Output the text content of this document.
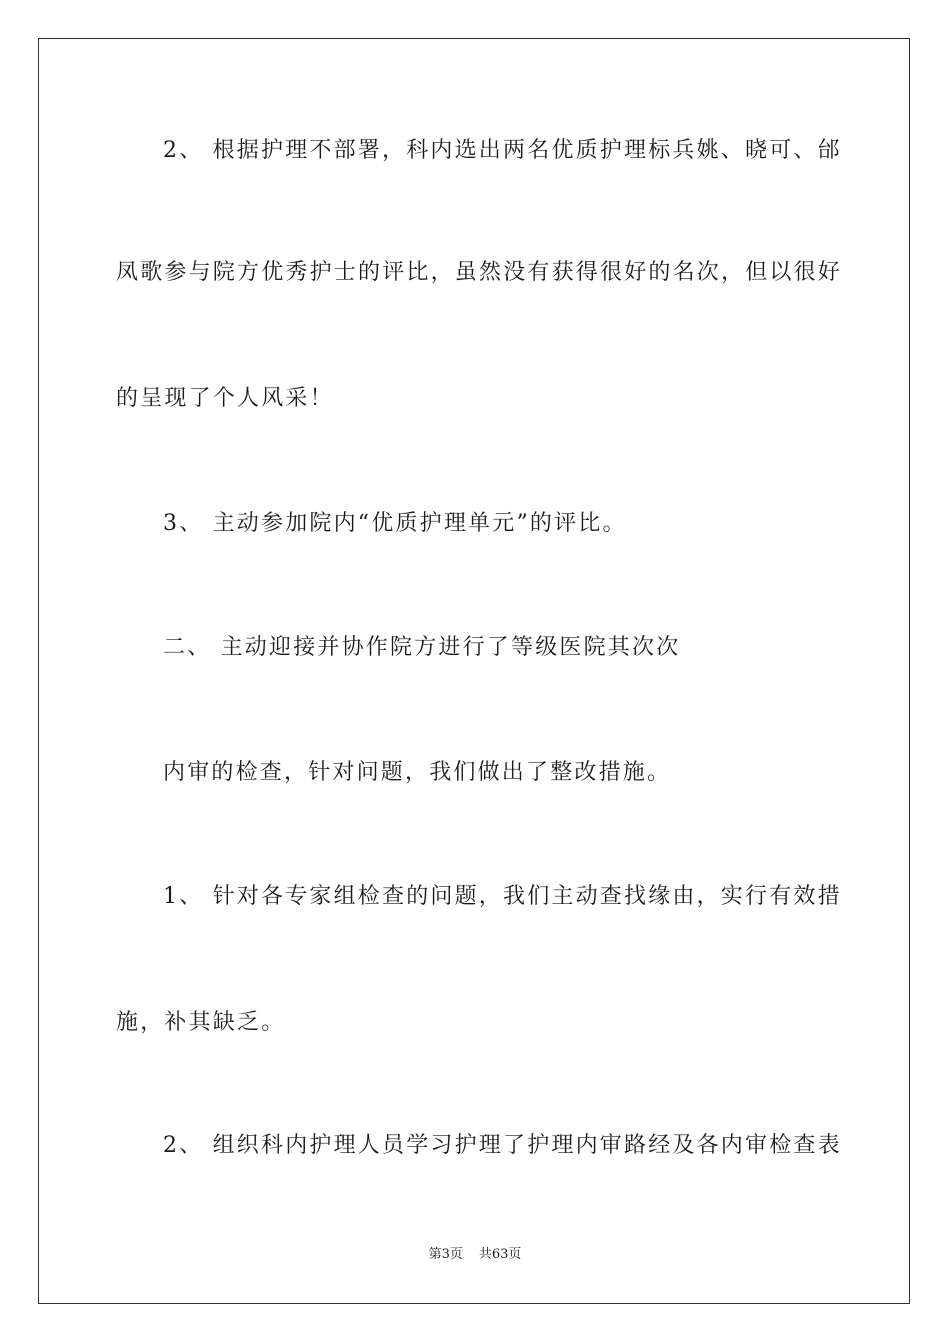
2、 根据护理不部署，科内选出两名优质护理标兵姚、晓可、邰
凤歌参与院方优秀护士的评比，虽然没有获得很好的名次，但以很好
的呈现了个人风采！
3、 主动参加院内“优质护理单元”的评比。
二、 主动迎接并协作院方进行了等级医院其次次
内审的检查，针对问题，我们做出了整改措施。
1、 针对各专家组检查的问题，我们主动查找缘由，实行有效措
施，补其缺乏。
2、 组织科内护理人员学习护理了护理内审路经及各内审检查表
第3页 共63页
